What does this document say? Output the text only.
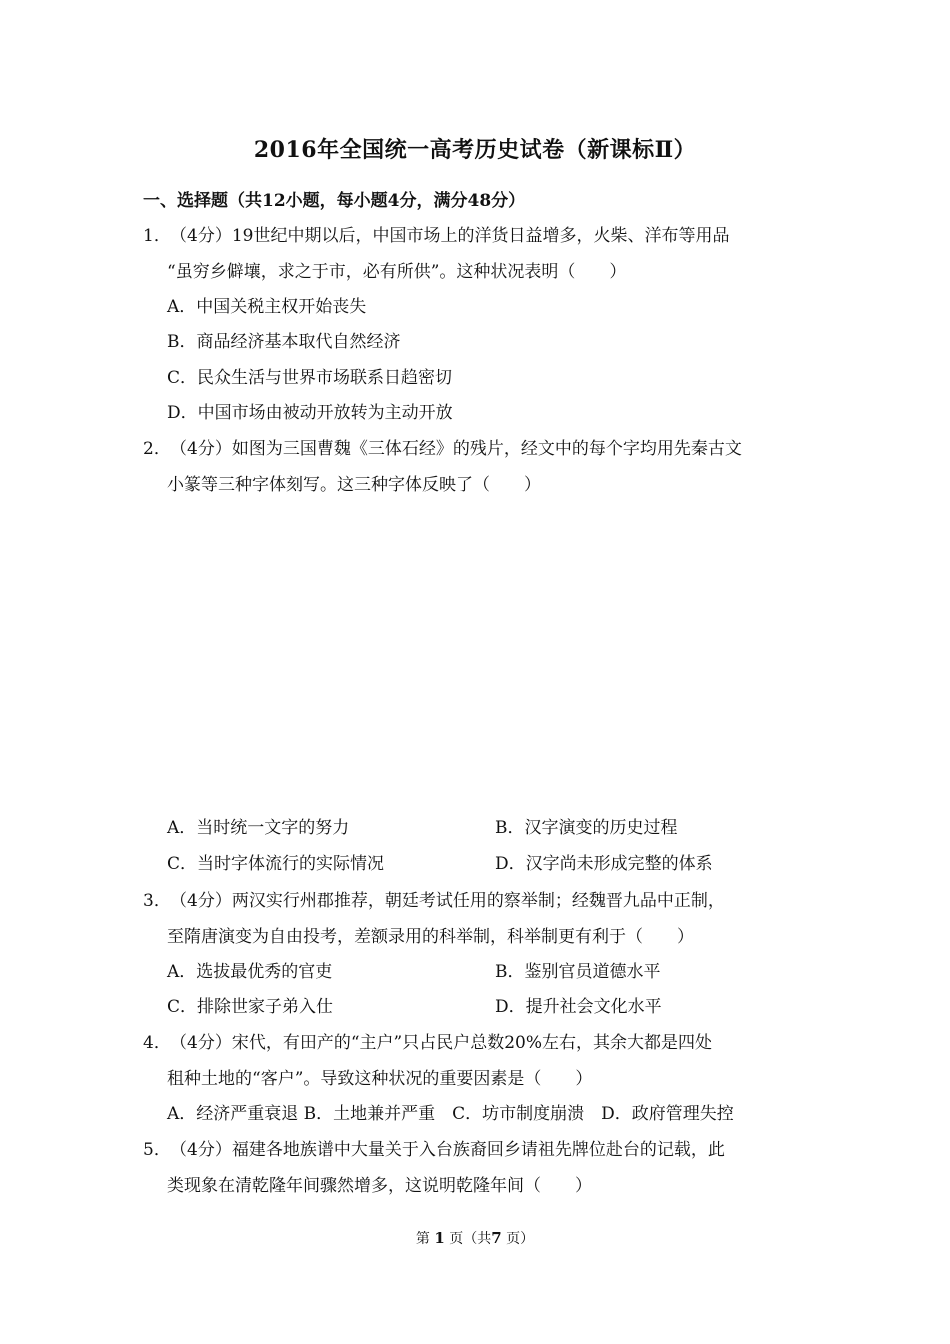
2016年全国统一高考历史试卷（新课标Ⅱ）
一、选择题（共12小题，每小题4分，满分48分）
1．（4分）19世纪中期以后，中国市场上的洋货日益增多，火柴、洋布等用品
“虽穷乡僻壤，求之于市，必有所供”。这种状况表明（　　）
A．中国关税主权开始丧失
B．商品经济基本取代自然经济
C．民众生活与世界市场联系日趋密切
D．中国市场由被动开放转为主动开放
2．（4分）如图为三国曹魏《三体石经》的残片，经文中的每个字均用先秦古文
小篆等三种字体刻写。这三种字体反映了（　　）
A．当时统一文字的努力	B．汉字演变的历史过程
C．当时字体流行的实际情况	D．汉字尚未形成完整的体系
3．（4分）两汉实行州郡推荐，朝廷考试任用的察举制；经魏晋九品中正制，
至隋唐演变为自由投考，差额录用的科举制，科举制更有利于（　　）
A．选拔最优秀的官吏	B．鉴别官员道德水平
C．排除世家子弟入仕	D．提升社会文化水平
4．（4分）宋代，有田产的“主户”只占民户总数20%左右，其余大都是四处
租种土地的“客户”。导致这种状况的重要因素是（　　）
A．经济严重衰退 B．土地兼并严重　C．坊市制度崩溃　D．政府管理失控
5．（4分）福建各地族谱中大量关于入台族裔回乡请祖先牌位赴台的记载，此
类现象在清乾隆年间骤然增多，这说明乾隆年间（　　）
第 1 页（共7 页）
